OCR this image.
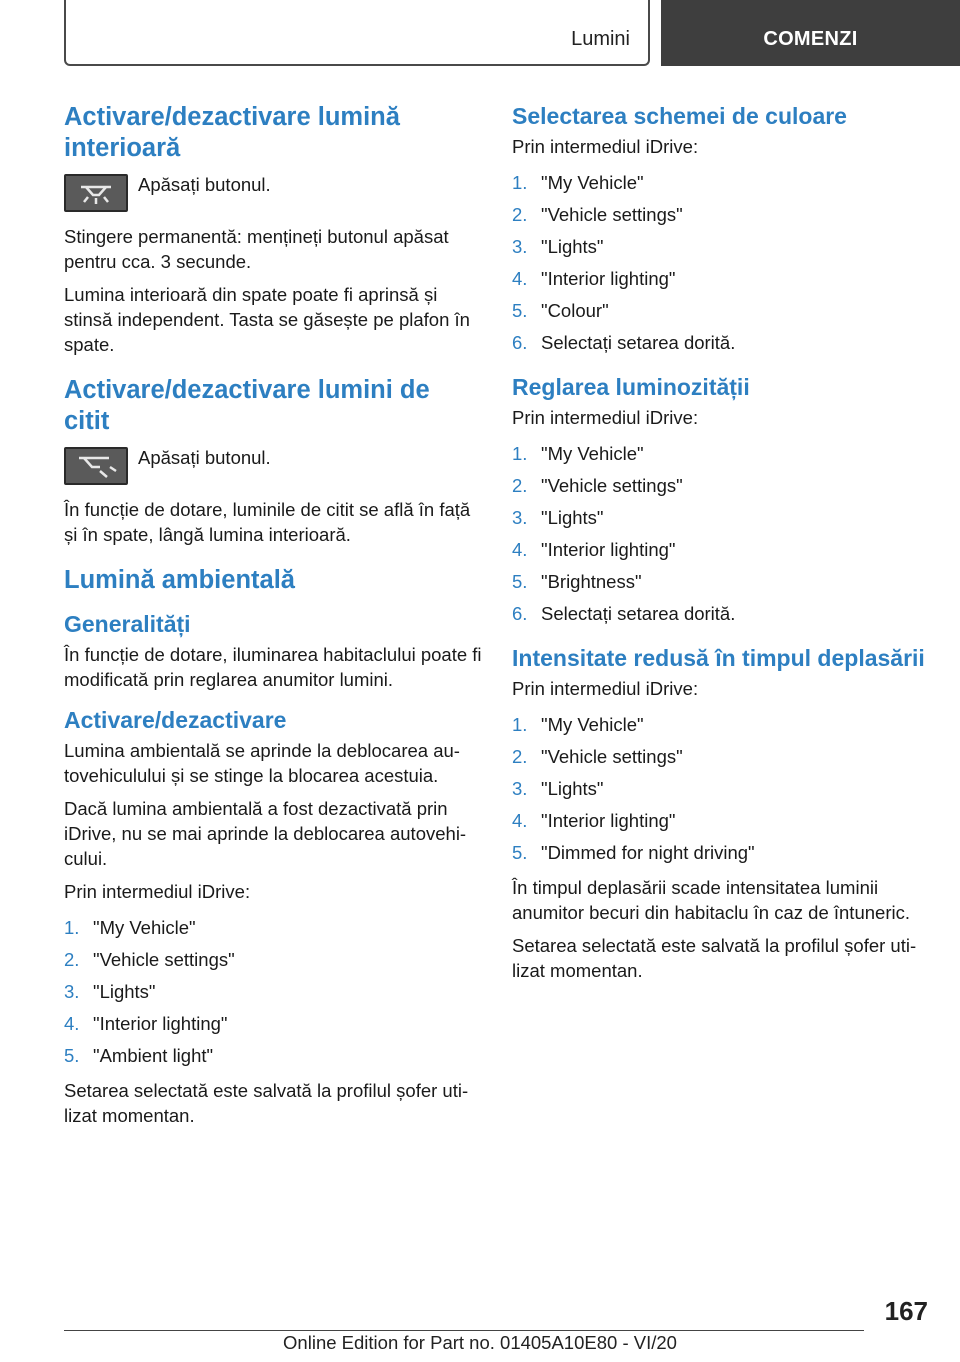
Lumini	COMENZI
Activare/dezactivare lumină interioară

Apăsați butonul.

Stingere permanentă: mențineți butonul apăsat pentru cca. 3 secunde.

Lumina interioară din spate poate fi aprinsă și stinsă independent. Tasta se găsește pe plafon în spate.

Activare/dezactivare lumini de citit

Apăsați butonul.

În funcție de dotare, luminile de citit se află în față și în spate, lângă lumina interioară.

Lumină ambientală
Generalități

În funcție de dotare, iluminarea habitaclului poate fi modificată prin reglarea anumitor lumini.

Activare/dezactivare

Lumina ambientală se aprinde la deblocarea au-tovehiculului și se stinge la blocarea acestuia.

Dacă lumina ambientală a fost dezactivată prin iDrive, nu se mai aprinde la deblocarea autovehi-cului.

Prin intermediul iDrive:

1. "My Vehicle"
2. "Vehicle settings"
3. "Lights"
4. "Interior lighting"
5. "Ambient light"

Setarea selectată este salvată la profilul șofer uti-lizat momentan.

Selectarea schemei de culoare

Prin intermediul iDrive:

1. "My Vehicle"
2. "Vehicle settings"
3. "Lights"
4. "Interior lighting"
5. "Colour"
6. Selectați setarea dorită.
Reglarea luminozității

Prin intermediul iDrive:

1. "My Vehicle"
2. "Vehicle settings"
3. "Lights"
4. "Interior lighting"
5. "Brightness"
6. Selectați setarea dorită.
Intensitate redusă în timpul deplasării

Prin intermediul iDrive:

1. "My Vehicle"
2. "Vehicle settings"
3. "Lights"
4. "Interior lighting"
5. "Dimmed for night driving"

În timpul deplasării scade intensitatea luminii anumitor becuri din habitaclu în caz de întuneric.

Setarea selectată este salvată la profilul șofer uti-lizat momentan.

167
Online Edition for Part no. 01405A10E80 - VI/20
